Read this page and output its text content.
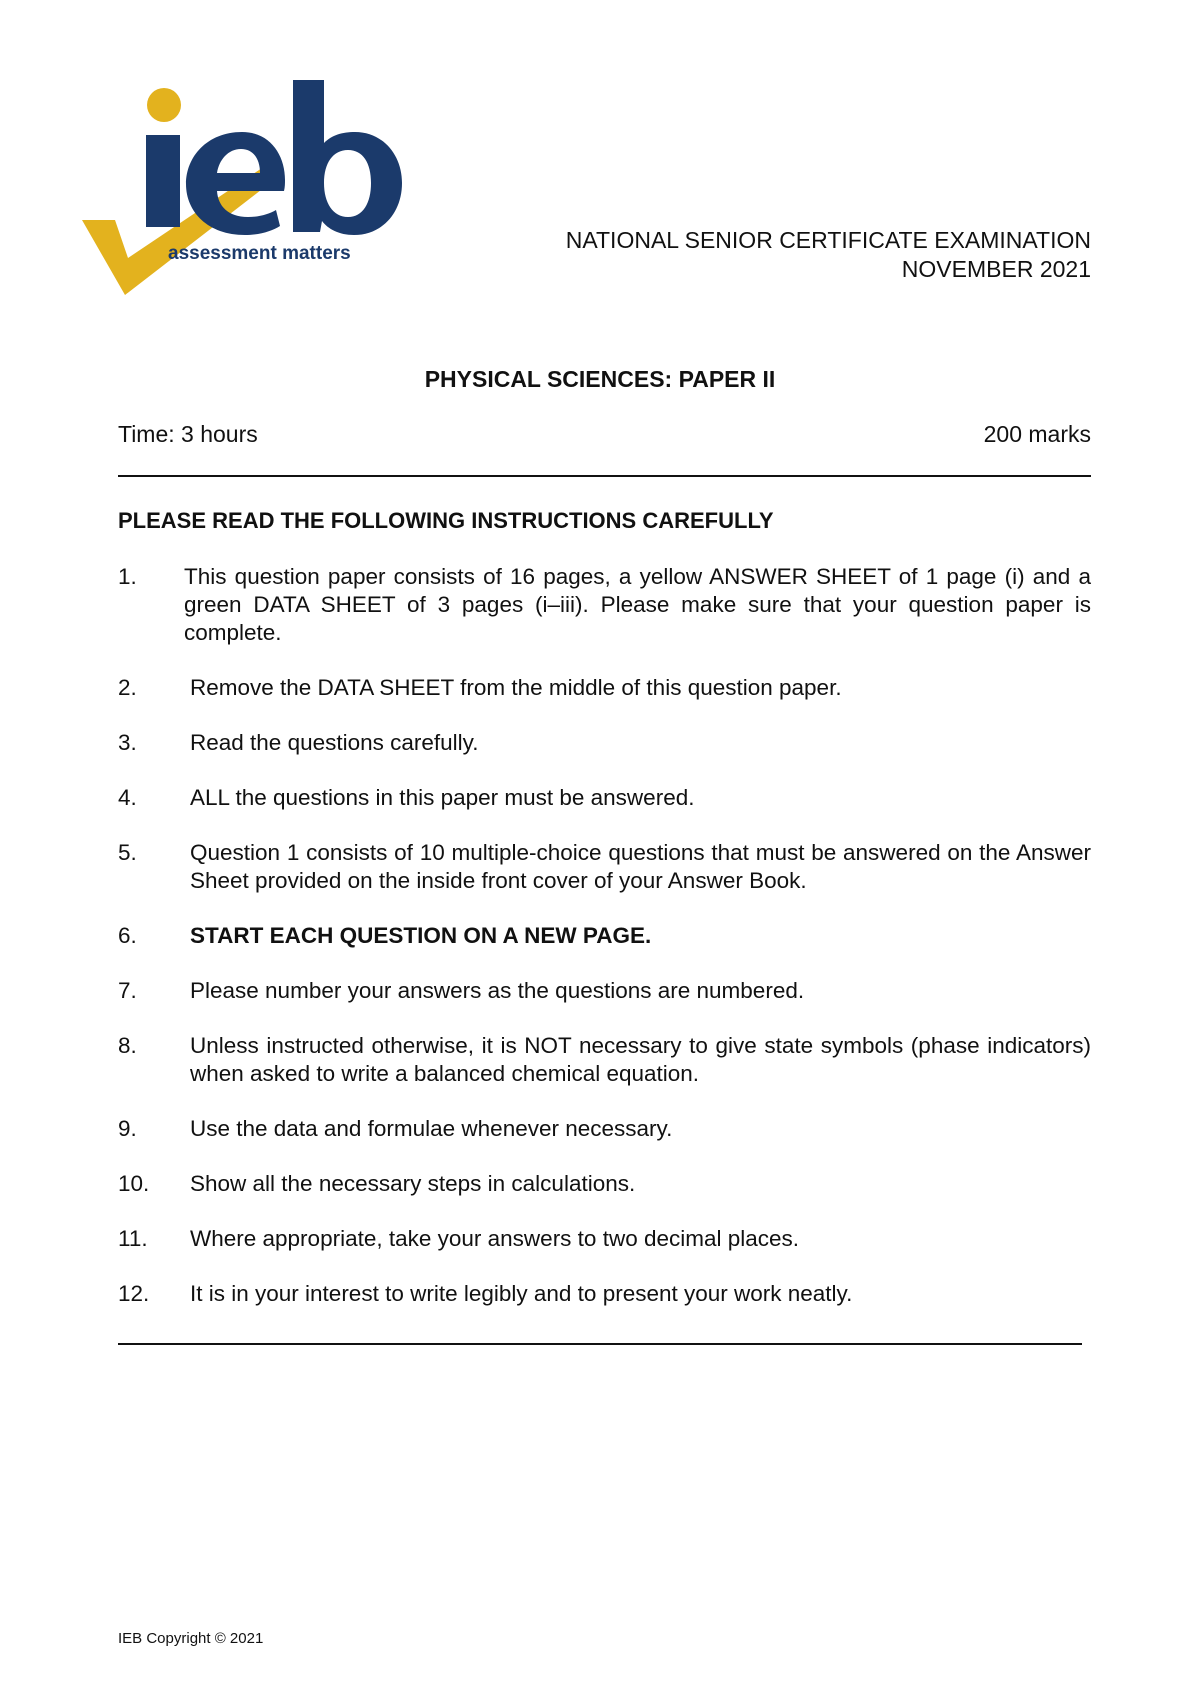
assessment matters
NATIONAL SENIOR CERTIFICATE EXAMINATION
NOVEMBER 2021
PHYSICAL SCIENCES: PAPER II
Time: 3 hours	200 marks
PLEASE READ THE FOLLOWING INSTRUCTIONS CAREFULLY
1.	This question paper consists of 16 pages, a yellow ANSWER SHEET of 1 page (i) and a green DATA SHEET of 3 pages (i–iii). Please make sure that your question paper is complete.
2.	Remove the DATA SHEET from the middle of this question paper.
3.	Read the questions carefully.
4.	ALL the questions in this paper must be answered.
5.	Question 1 consists of 10 multiple-choice questions that must be answered on the Answer Sheet provided on the inside front cover of your Answer Book.
6.	START EACH QUESTION ON A NEW PAGE.
7.	Please number your answers as the questions are numbered.
8.	Unless instructed otherwise, it is NOT necessary to give state symbols (phase indicators) when asked to write a balanced chemical equation.
9.	Use the data and formulae whenever necessary.
10.	Show all the necessary steps in calculations.
11.	Where appropriate, take your answers to two decimal places.
12.	It is in your interest to write legibly and to present your work neatly.
IEB Copyright © 2021
